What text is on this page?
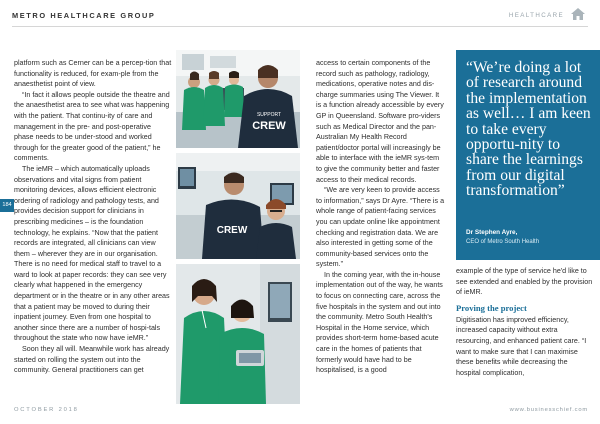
METRO HEALTHCARE GROUP	HEALTHCARE
184

platform such as Cerner can be a percep-tion that functionality is reduced, for exam-ple from the anaesthetist point of view.

“In fact it allows people outside the theatre and the anaesthetist area to see what was happening with the patient. That continu-ity of care and management in the pre- and post-operative phase needs to be under-stood and worked through for the greater good of the patient,” he comments.

The ieMR – which automatically uploads observations and vital signs from patient monitoring devices, allows efficient electronic ordering of radiology and pathology tests, and provides decision support for clinicians in prescribing medicines – is the foundation technology, he explains. “Now that the patient records are integrated, all clinicians can view them – wherever they are in our organisation. There is no need for medical staff to travel to a ward to look at paper records: they can see very clearly what happened in the emergency department or in the theatre or in any other areas that a patient may be moved to during their inpatient journey. Even from one hospital to another since there are a number of hospi-tals throughout the state who now have ieMR.”

Soon they all will. Meanwhile work has already started on rolling the system out into the community. General practitioners can get

SUPPORT
CREW
CREW

access to certain components of the record such as pathology, radiology, medications, operative notes and dis-charge summaries using The Viewer. It is a function already accessible by every GP in Queensland. Software pro-viders such as Medical Director and the pan-Australian My Health Record patient/doctor portal will increasingly be able to interface with the ieMR sys-tem to give the community better and faster access to their medical records.

“We are very keen to provide access to information,” says Dr Ayre. “There is a whole range of patient-facing services you can update online like appointment checking and registration data. We are also interested in getting some of the community-based services onto the system.”

In the coming year, with the in-house implementation out of the way, he wants to focus on connecting care, across the five hospitals in the system and out into the community. Metro South Health's Hospital in the Home service, which provides short-term home-based acute care in the homes of patients that formerly would have had to be hospitalised, is a good

“We’re doing a lot of research around the implementation as well… I am keen to take every opportu-nity to share the learnings from our digital transformation”
Dr Stephen Ayre,
CEO of Metro South Health

example of the type of service he'd like to see extended and enabled by the provision of ieMR.

Proving the project

Digitisation has improved efficiency, increased capacity without extra resourcing, and enhanced patient care. “I want to make sure that I can maximise these benefits while decreasing the hospital complication,

OCTOBER 2018	www.businesschief.com
